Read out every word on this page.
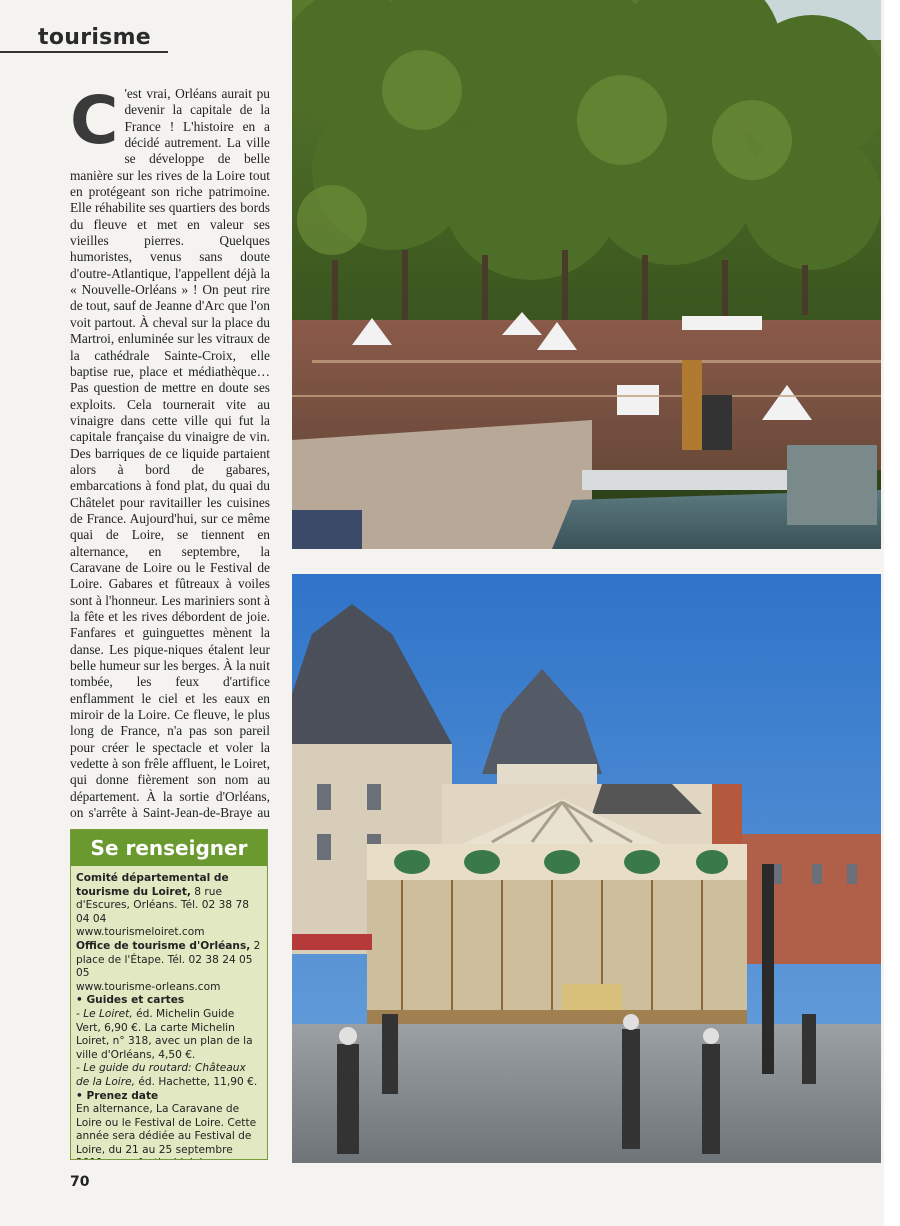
tourisme
C 'est vrai, Orléans aurait pu devenir la capitale de la France ! L'histoire en a décidé autrement. La ville se développe de belle manière sur les rives de la Loire tout en protégeant son riche patrimoine. Elle réhabilite ses quartiers des bords du fleuve et met en valeur ses vieilles pierres. Quelques humoristes, venus sans doute d'outre-Atlantique, l'appellent déjà la « Nouvelle-Orléans » ! On peut rire de tout, sauf de Jeanne d'Arc que l'on voit partout. À cheval sur la place du Martroi, enluminée sur les vitraux de la cathédrale Sainte-Croix, elle baptise rue, place et médiathèque… Pas question de mettre en doute ses exploits. Cela tournerait vite au vinaigre dans cette ville qui fut la capitale française du vinaigre de vin. Des barriques de ce liquide partaient alors à bord de gabares, embarcations à fond plat, du quai du Châtelet pour ravitailler les cuisines de France. Aujourd'hui, sur ce même quai de Loire, se tiennent en alternance, en septembre, la Caravane de Loire ou le Festival de Loire. Gabares et fûtreaux à voiles sont à l'honneur. Les mariniers sont à la fête et les rives débordent de joie. Fanfares et guinguettes mènent la danse. Les pique-niques étalent leur belle humeur sur les berges. À la nuit tombée, les feux d'artifice enflamment le ciel et les eaux en miroir de la Loire. Ce fleuve, le plus long de France, n'a pas son pareil pour créer le spectacle et voler la vedette à son frêle affluent, le Loiret, qui donne fièrement son nom au département. À la sortie d'Orléans, on s'arrête à Saint-Jean-de-Braye au
Se renseigner

Comité départemental de tourisme du Loiret, 8 rue d'Escures, Orléans. Tél. 02 38 78 04 04

www.tourismeloiret.com

Office de tourisme d'Orléans, 2 place de l'Étape. Tél. 02 38 24 05 05

www.tourisme-orleans.com

• Guides et cartes

- Le Loiret, éd. Michelin Guide Vert, 6,90 €. La carte Michelin Loiret, n° 318, avec un plan de la ville d'Orléans, 4,50 €.

- Le guide du routard: Châteaux de la Loire, éd. Hachette, 11,90 €.

• Prenez date

En alternance, La Caravane de Loire ou le Festival de Loire. Cette année sera dédiée au Festival de Loire, du 21 au 25 septembre

70
